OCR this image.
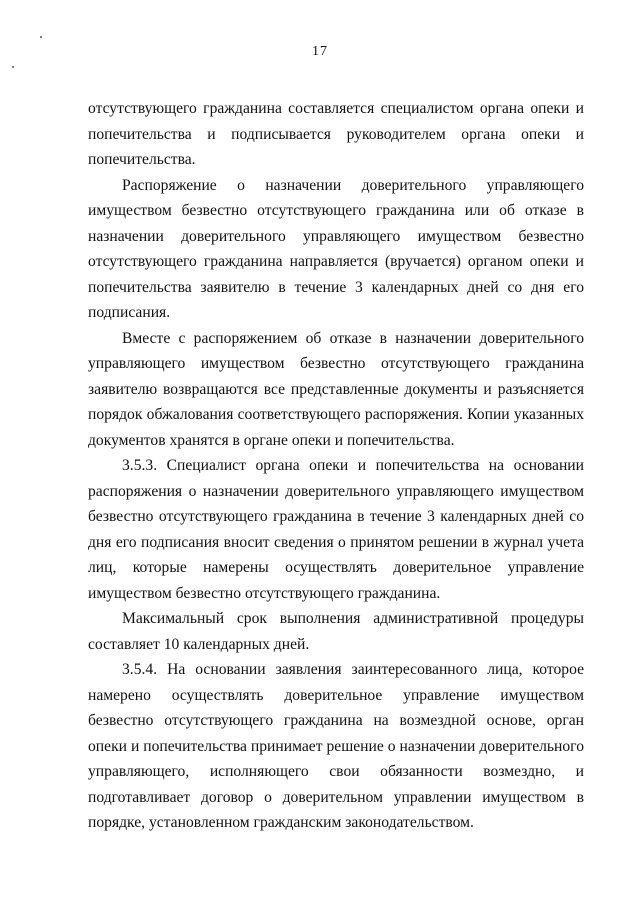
17

отсутствующего гражданина составляется специалистом органа опеки и попечительства и подписывается руководителем органа опеки и попечительства.

Распоряжение о назначении доверительного управляющего имуществом безвестно отсутствующего гражданина или об отказе в назначении доверительного управляющего имуществом безвестно отсутствующего гражданина направляется (вручается) органом опеки и попечительства заявителю в течение 3 календарных дней со дня его подписания.

Вместе с распоряжением об отказе в назначении доверительного управляющего имуществом безвестно отсутствующего гражданина заявителю возвращаются все представленные документы и разъясняется порядок обжалования соответствующего распоряжения. Копии указанных документов хранятся в органе опеки и попечительства.

3.5.3. Специалист органа опеки и попечительства на основании распоряжения о назначении доверительного управляющего имуществом безвестно отсутствующего гражданина в течение 3 календарных дней со дня его подписания вносит сведения о принятом решении в журнал учета лиц, которые намерены осуществлять доверительное управление имуществом безвестно отсутствующего гражданина.

Максимальный срок выполнения административной процедуры составляет 10 календарных дней.

3.5.4. На основании заявления заинтересованного лица, которое намерено осуществлять доверительное управление имуществом безвестно отсутствующего гражданина на возмездной основе, орган опеки и попечительства принимает решение о назначении доверительного управляющего, исполняющего свои обязанности возмездно, и подготавливает договор о доверительном управлении имуществом в порядке, установленном гражданским законодательством.
